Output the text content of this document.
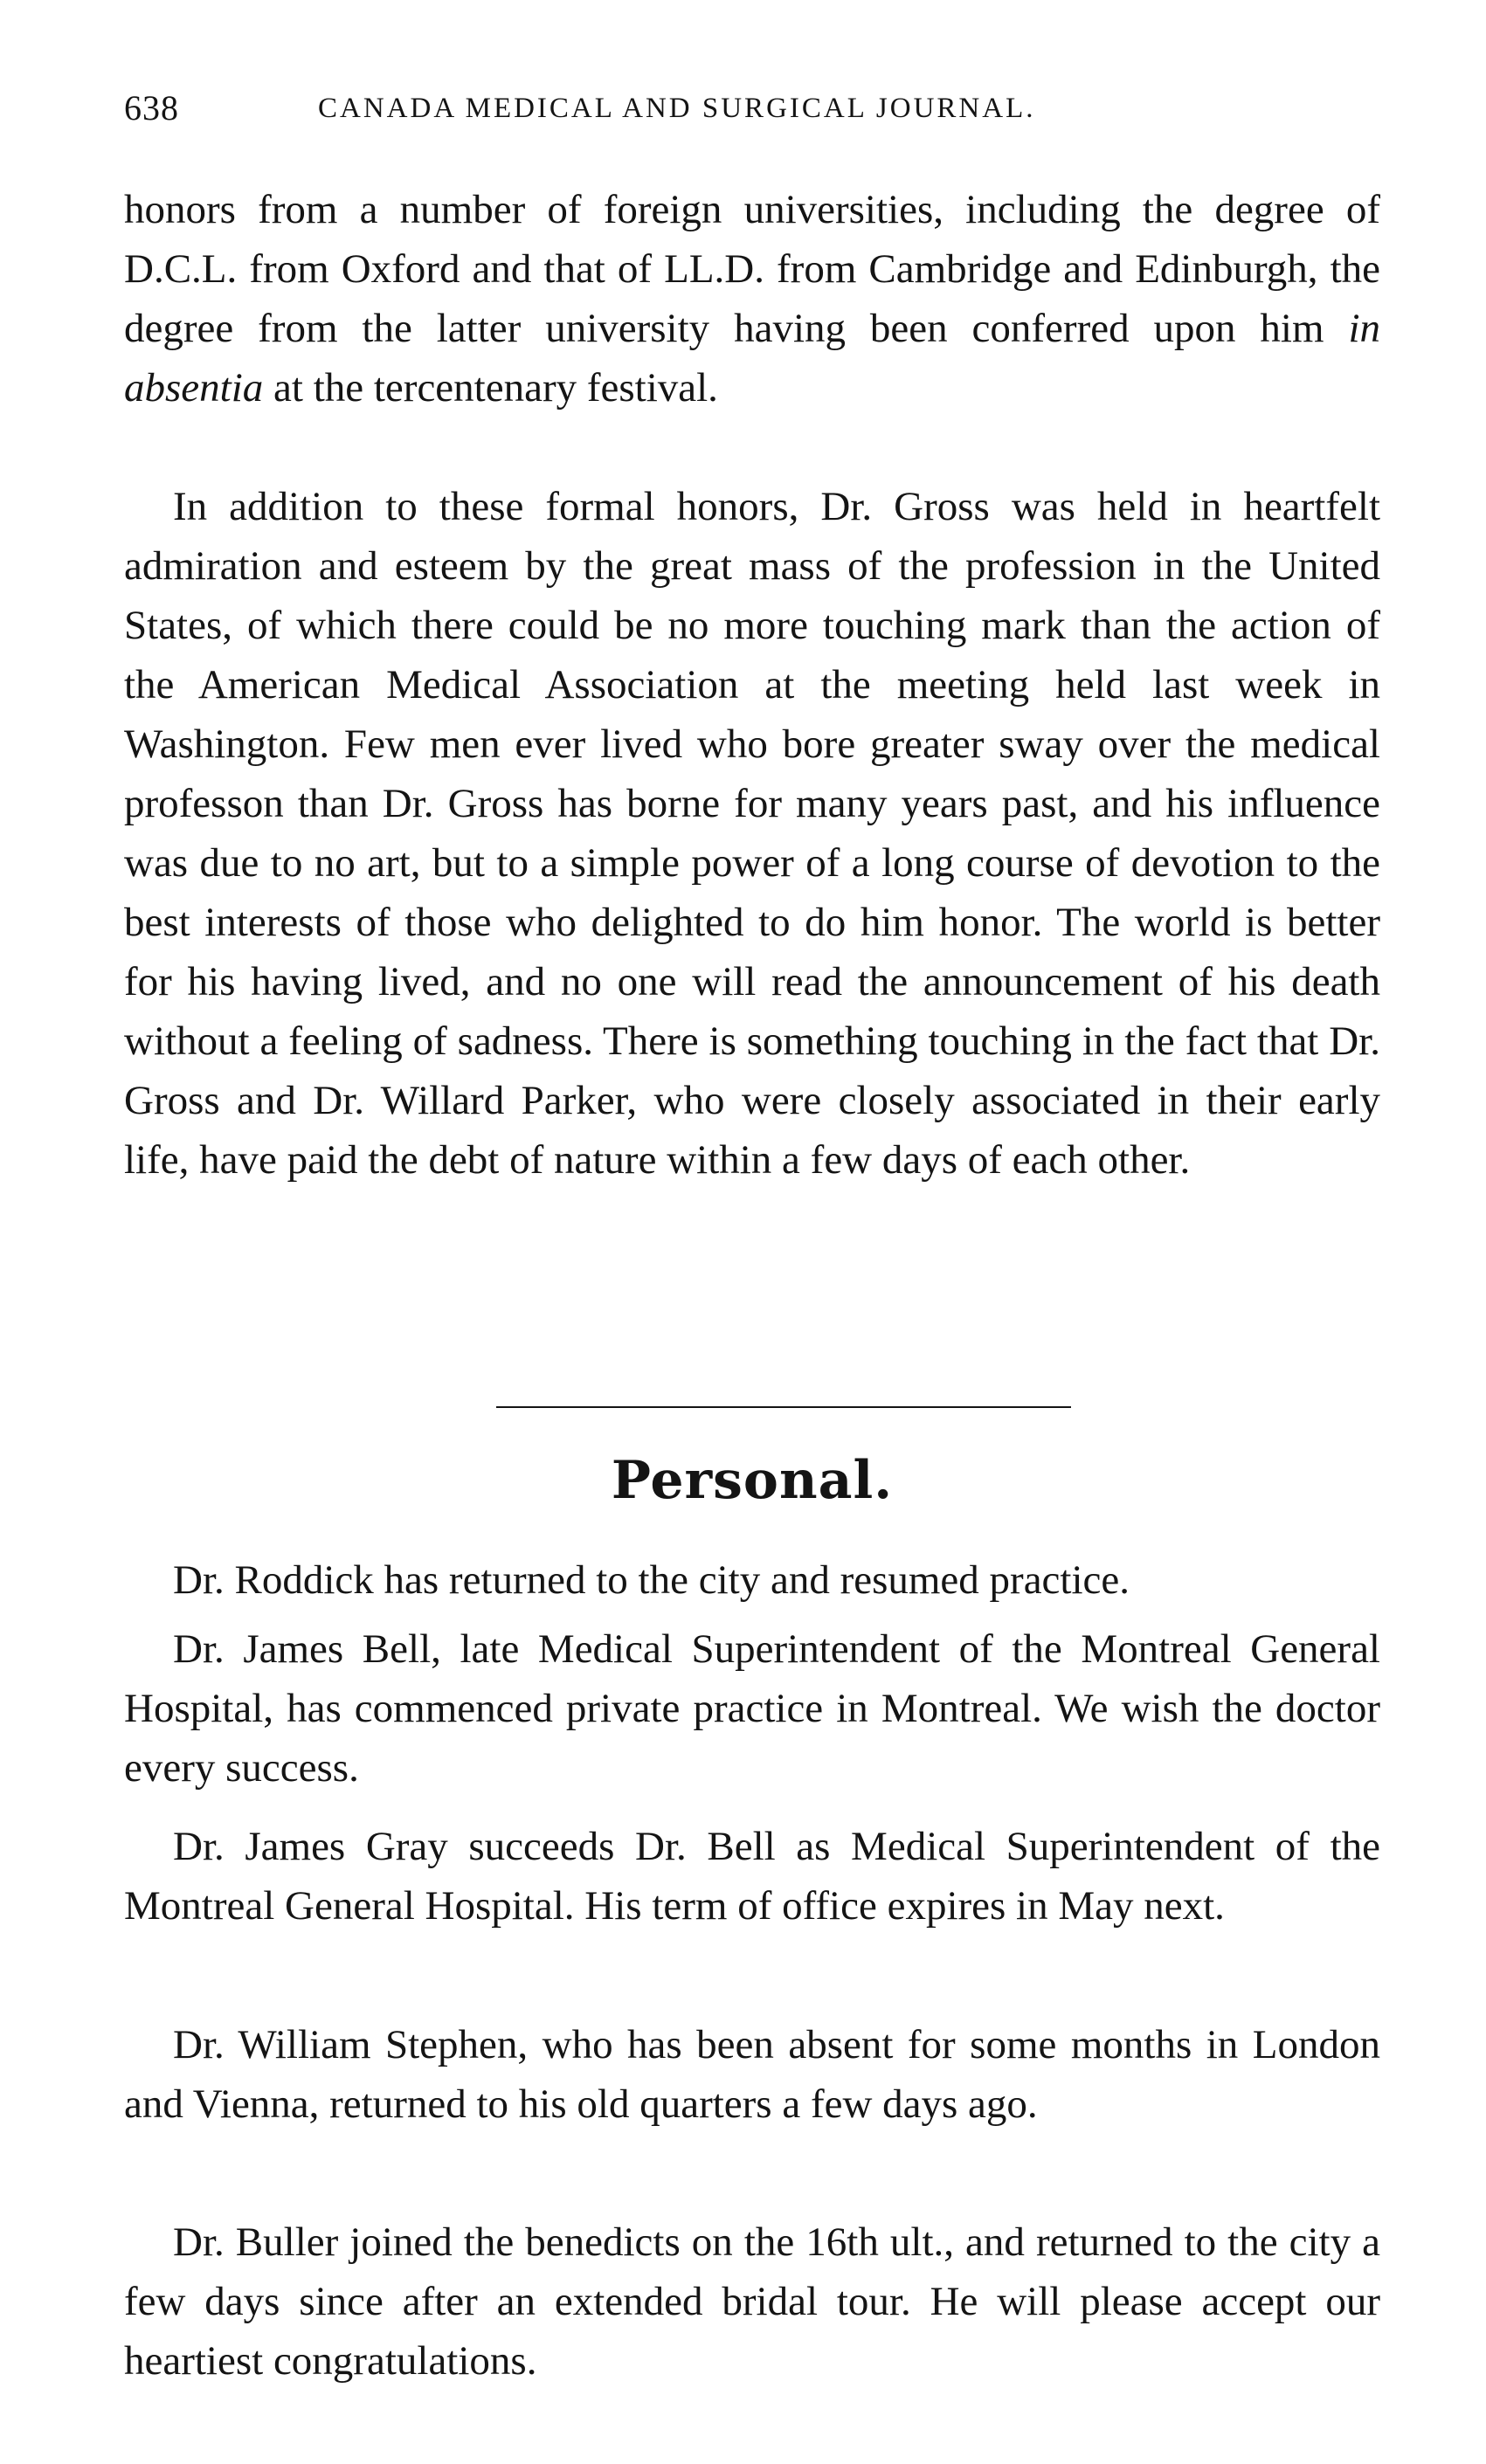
638	CANADA MEDICAL AND SURGICAL JOURNAL.

honors from a number of foreign universities, including the degree of D.C.L. from Oxford and that of LL.D. from Cambridge and Edinburgh, the degree from the latter university having been conferred upon him in absentia at the tercentenary festival.

In addition to these formal honors, Dr. Gross was held in heartfelt admiration and esteem by the great mass of the profession in the United States, of which there could be no more touching mark than the action of the American Medical Association at the meeting held last week in Washington. Few men ever lived who bore greater sway over the medical professon than Dr. Gross has borne for many years past, and his influence was due to no art, but to a simple power of a long course of devotion to the best interests of those who delighted to do him honor. The world is better for his having lived, and no one will read the announcement of his death without a feeling of sadness. There is something touching in the fact that Dr. Gross and Dr. Willard Parker, who were closely associated in their early life, have paid the debt of nature within a few days of each other.

Personal.

Dr. Roddick has returned to the city and resumed practice.

Dr. James Bell, late Medical Superintendent of the Montreal General Hospital, has commenced private practice in Montreal. We wish the doctor every success.

Dr. James Gray succeeds Dr. Bell as Medical Superintendent of the Montreal General Hospital. His term of office expires in May next.

Dr. William Stephen, who has been absent for some months in London and Vienna, returned to his old quarters a few days ago.

Dr. Buller joined the benedicts on the 16th ult., and returned to the city a few days since after an extended bridal tour. He will please accept our heartiest congratulations.
